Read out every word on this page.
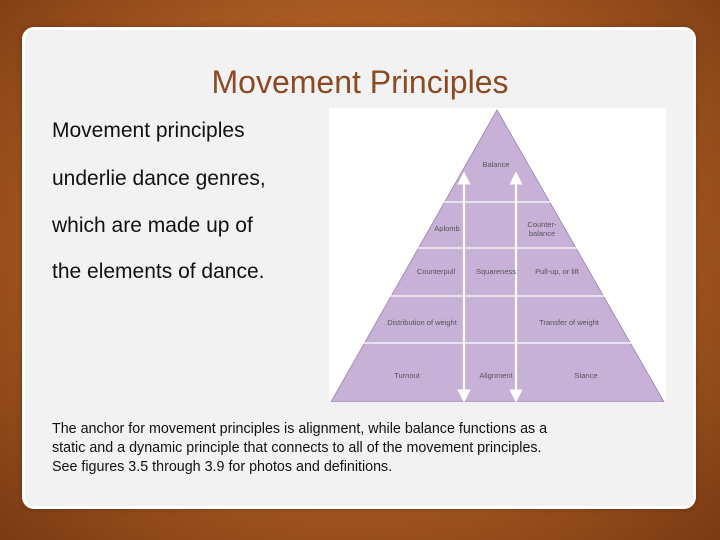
Movement Principles
Movement principles
underlie dance genres,
which are made up of
the elements of dance.
Balance
Aplomb	Counter-
balance
Counterpull	Squareness	Pull-up, or lift
Distribution of weight	Transfer of weight
Turnout	Alignment	Stance
The anchor for movement principles is alignment, while balance functions as a
static and a dynamic principle that connects to all of the movement principles.
See figures 3.5 through 3.9 for photos and definitions.
